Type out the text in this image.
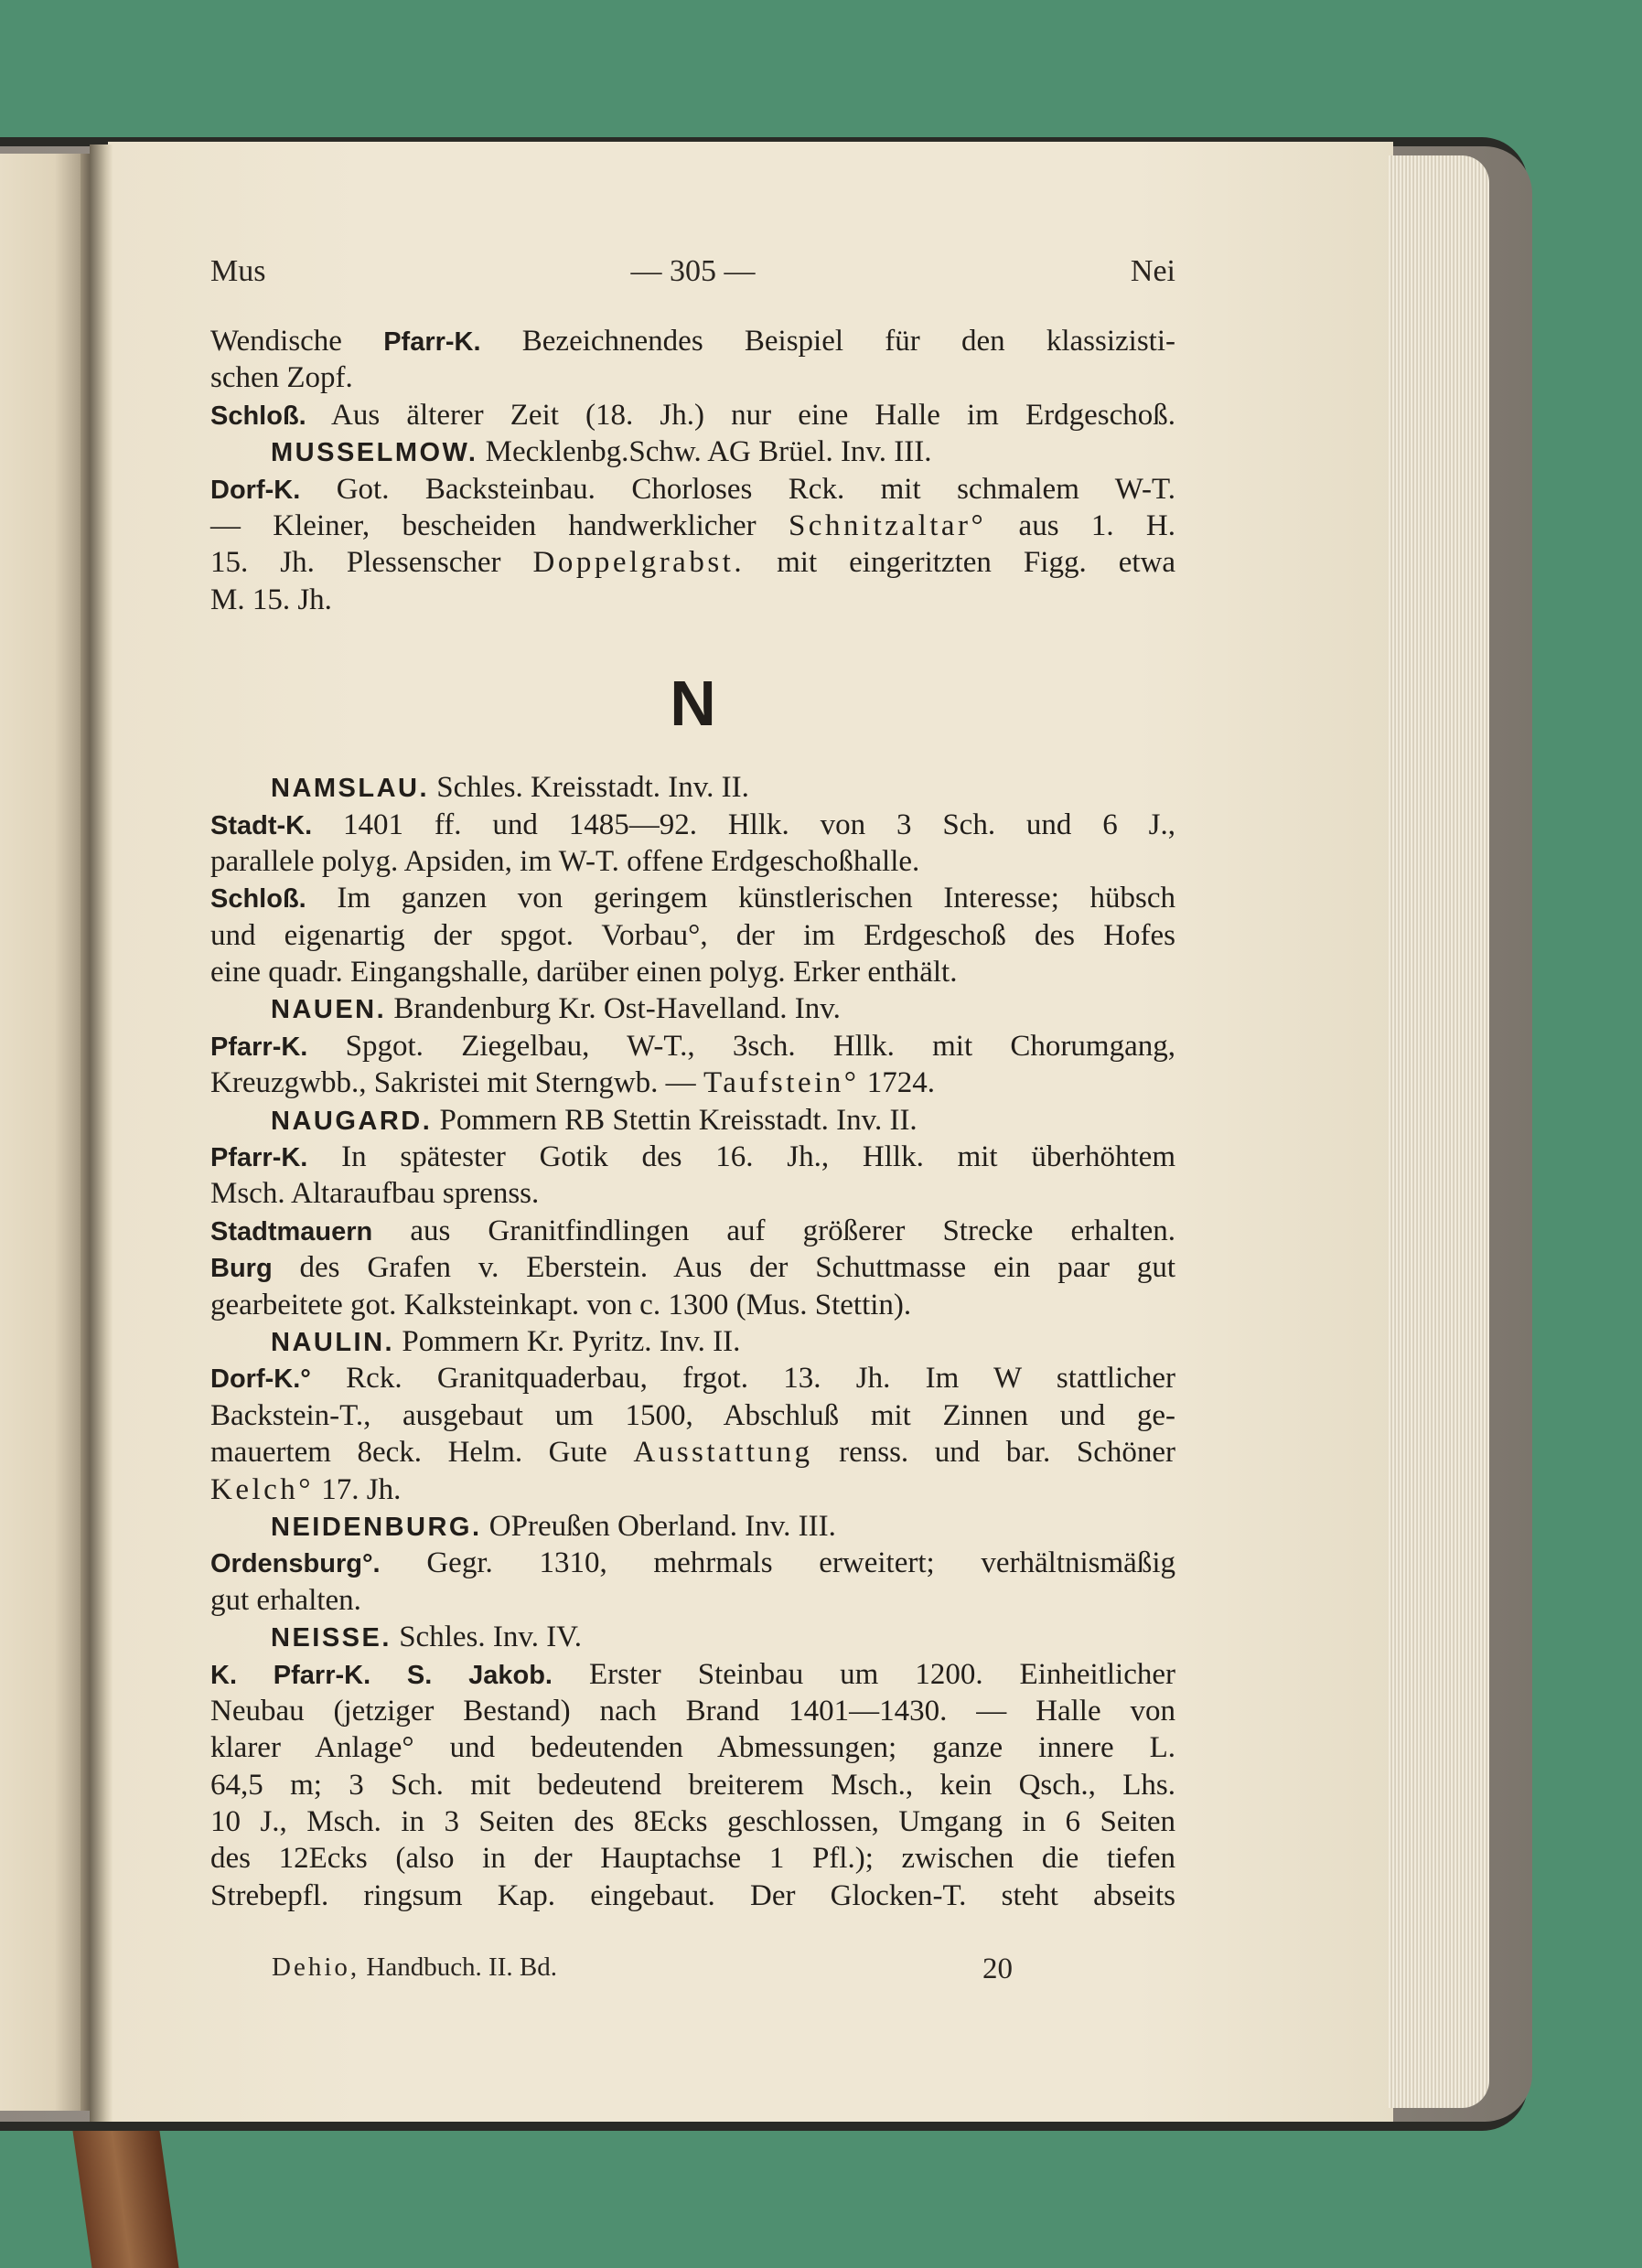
Mus	— 305 —	Nei
Wendische Pfarr-K. Bezeichnendes Beispiel für den klassizisti-
schen Zopf.
Schloß. Aus älterer Zeit (18. Jh.) nur eine Halle im Erdgeschoß.
MUSSELMOW. Mecklenbg.Schw. AG Brüel. Inv. III.
Dorf-K. Got. Backsteinbau. Chorloses Rck. mit schmalem W-T.
— Kleiner, bescheiden handwerklicher Schnitzaltar° aus 1. H.
15. Jh. Plessenscher Doppelgrabst. mit eingeritzten Figg. etwa
M. 15. Jh.
N
NAMSLAU. Schles. Kreisstadt. Inv. II.
Stadt-K. 1401 ff. und 1485—92. Hllk. von 3 Sch. und 6 J.,
parallele polyg. Apsiden, im W-T. offene Erdgeschoßhalle.
Schloß. Im ganzen von geringem künstlerischen Interesse; hübsch
und eigenartig der spgot. Vorbau°, der im Erdgeschoß des Hofes
eine quadr. Eingangshalle, darüber einen polyg. Erker enthält.
NAUEN. Brandenburg Kr. Ost-Havelland. Inv.
Pfarr-K. Spgot. Ziegelbau, W-T., 3sch. Hllk. mit Chorumgang,
Kreuzgwbb., Sakristei mit Sterngwb. — Taufstein° 1724.
NAUGARD. Pommern RB Stettin Kreisstadt. Inv. II.
Pfarr-K. In spätester Gotik des 16. Jh., Hllk. mit überhöhtem
Msch. Altaraufbau sprenss.
Stadtmauern aus Granitfindlingen auf größerer Strecke erhalten.
Burg des Grafen v. Eberstein. Aus der Schuttmasse ein paar gut
gearbeitete got. Kalksteinkapt. von c. 1300 (Mus. Stettin).
NAULIN. Pommern Kr. Pyritz. Inv. II.
Dorf-K.° Rck. Granitquaderbau, frgot. 13. Jh. Im W stattlicher
Backstein-T., ausgebaut um 1500, Abschluß mit Zinnen und ge-
mauertem 8eck. Helm. Gute Ausstattung renss. und bar. Schöner
Kelch° 17. Jh.
NEIDENBURG. OPreußen Oberland. Inv. III.
Ordensburg°. Gegr. 1310, mehrmals erweitert; verhältnismäßig
gut erhalten.
NEISSE. Schles. Inv. IV.
K. Pfarr-K. S. Jakob. Erster Steinbau um 1200. Einheitlicher
Neubau (jetziger Bestand) nach Brand 1401—1430. — Halle von
klarer Anlage° und bedeutenden Abmessungen; ganze innere L.
64,5 m; 3 Sch. mit bedeutend breiterem Msch., kein Qsch., Lhs.
10 J., Msch. in 3 Seiten des 8Ecks geschlossen, Umgang in 6 Seiten
des 12Ecks (also in der Hauptachse 1 Pfl.); zwischen die tiefen
Strebepfl. ringsum Kap. eingebaut. Der Glocken-T. steht abseits
Dehio, Handbuch. II. Bd.	20
